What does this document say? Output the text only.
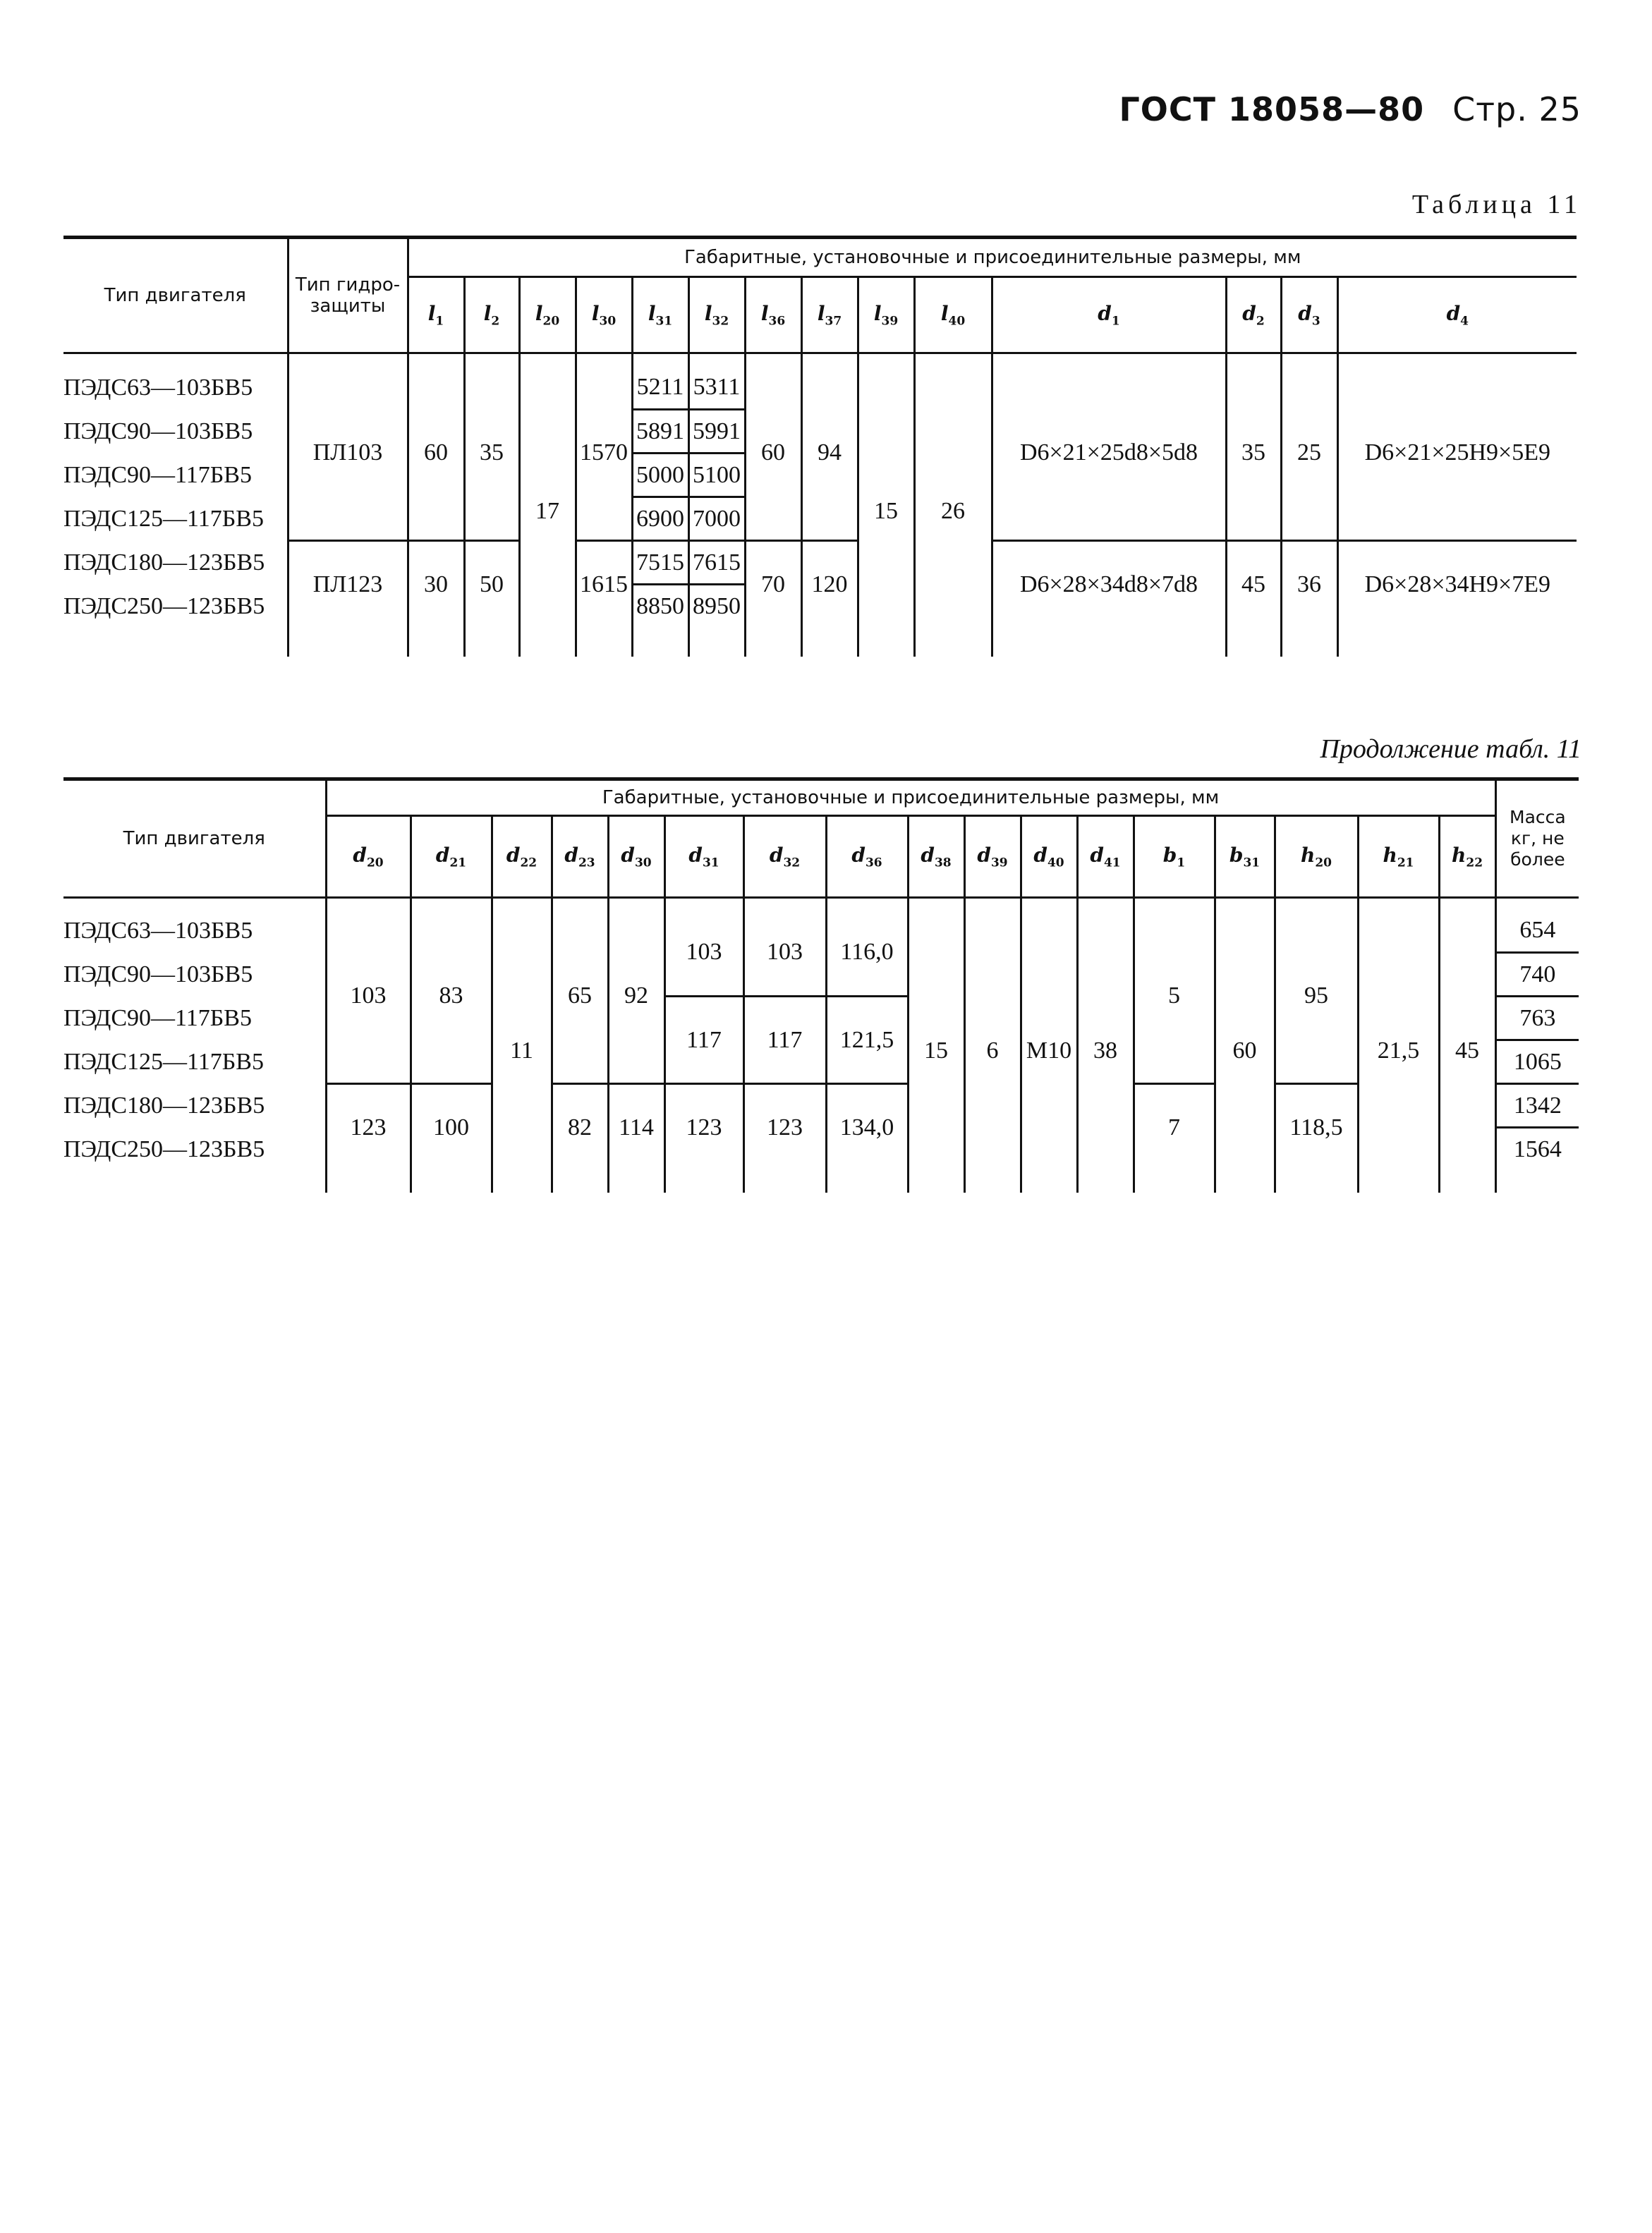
ГОСТ 18058—80 Стр. 25
Таблица 11
Тип двигателя	Тип гидро-защиты	Габаритные, установочные и присоединительные размеры, мм													
		$l_1$	$l_2$	$l_{20}$	$l_{30}$	$l_{31}$	$l_{32}$	$l_{36}$	$l_{37}$	$l_{39}$	$l_{40}$	$d_1$	$d_2$	$d_3$	$d_4$

ПЭДС63—103БВ5	ПЛ103	60	35	17	1570	5211	5311	60	94	15	26	D6×21×25d8×5d8	35	25	D6×21×25H9×5E9
ПЭДС90—103БВ5						5891	5991								
ПЭДС90—117БВ5						5000	5100								
ПЭДС125—117БВ5						6900	7000								
ПЭДС180—123БВ5	ПЛ123	30	50		1615	7515	7615	70	120			D6×28×34d8×7d8	45	36	D6×28×34H9×7E9
ПЭДС250—123БВ5						8850	8950								

Продолжение табл. 11
Тип двигателя	Габаритные, установочные и присоединительные размеры, мм																	Масса кг, не более
	$d_{20}$	$d_{21}$	$d_{22}$	$d_{23}$	$d_{30}$	$d_{31}$	$d_{32}$	$d_{36}$	$d_{38}$	$d_{39}$	$d_{40}$	$d_{41}$	$b_1$	$b_{31}$	$h_{20}$	$h_{21}$	$h_{22}$

ПЭДС63—103БВ5	103	83	11	65	92	103	103	116,0	15	6	M10	38	5	60	95	21,5	45	654
ПЭДС90—103БВ5																		740
ПЭДС90—117БВ5						117	117	121,5										763
ПЭДС125—117БВ5																		1065
ПЭДС180—123БВ5	123	100		82	114	123	123	134,0					7		118,5			1342
ПЭДС250—123БВ5																		1564
